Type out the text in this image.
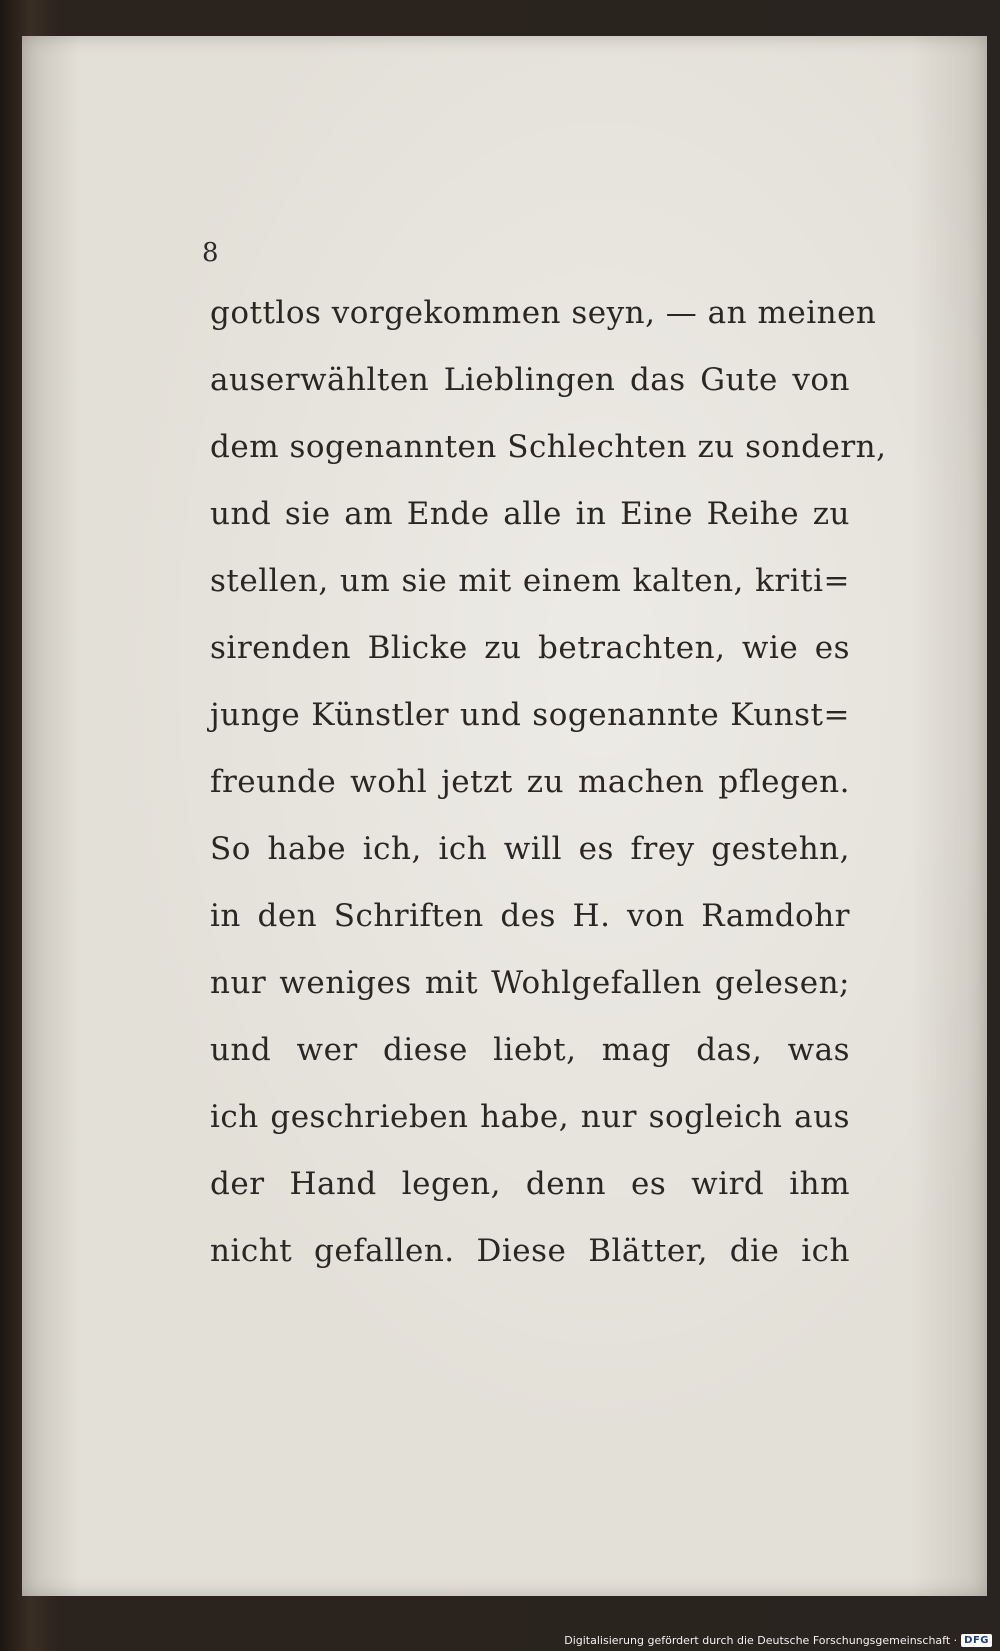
8
gottlos vorgekommen seyn, — an meinen
auserwählten Lieblingen das Gute von
dem sogenannten Schlechten zu sondern,
und sie am Ende alle in Eine Reihe zu
stellen, um sie mit einem kalten, kriti=
sirenden Blicke zu betrachten, wie es
junge Künstler und sogenannte Kunst=
freunde wohl jetzt zu machen pflegen.
So habe ich, ich will es frey gestehn,
in den Schriften des H. von Ramdohr
nur weniges mit Wohlgefallen gelesen;
und wer diese liebt, mag das, was
ich geschrieben habe, nur sogleich aus
der Hand legen, denn es wird ihm
nicht gefallen. Diese Blätter, die ich
Digitalisierung gefördert durch die Deutsche Forschungsgemeinschaft · DFG
